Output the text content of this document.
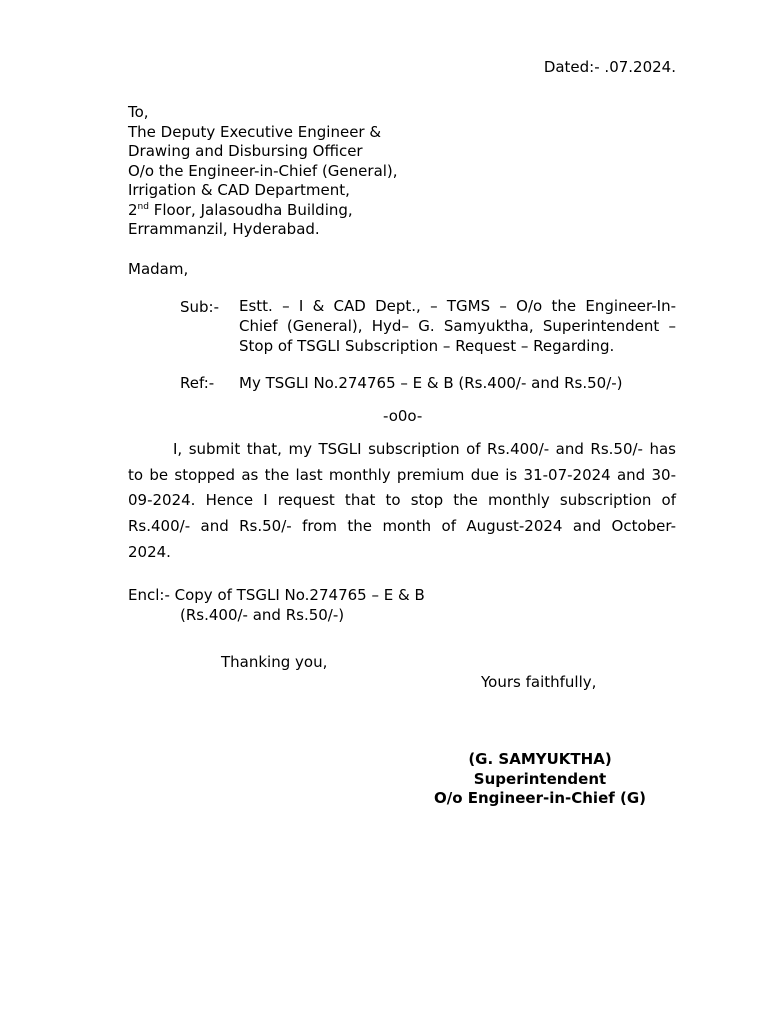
Dated:- .07.2024.
To,
The Deputy Executive Engineer &
Drawing and Disbursing Officer
O/o the Engineer-in-Chief (General),
Irrigation & CAD Department,
2nd Floor, Jalasoudha Building,
Errammanzil, Hyderabad.
Madam,
Sub:- Estt. – I & CAD Dept., – TGMS – O/o the Engineer-In-
Chief (General), Hyd– G. Samyuktha, Superintendent –
Stop of TSGLI Subscription – Request – Regarding.
Ref:- My TSGLI No.274765 – E & B (Rs.400/- and Rs.50/-)
-o0o-
I, submit that, my TSGLI subscription of Rs.400/- and Rs.50/- has
to be stopped as the last monthly premium due is 31-07-2024 and 30-
09-2024. Hence I request that to stop the monthly subscription of
Rs.400/- and Rs.50/- from the month of August-2024 and October-
2024.
Encl:- Copy of TSGLI No.274765 – E & B
(Rs.400/- and Rs.50/-)
Thanking you,
Yours faithfully,
(G. SAMYUKTHA)
Superintendent
O/o Engineer-in-Chief (G)
